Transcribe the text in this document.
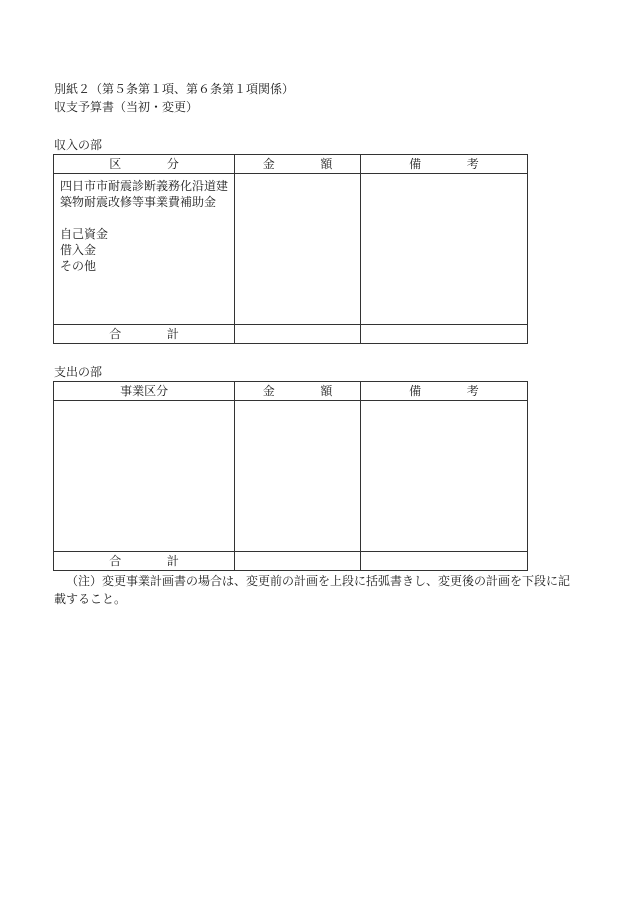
別紙２（第５条第１項、第６条第１項関係）
収支予算書（当初・変更）
収入の部
区　分	金　額	備　考

四日市市耐震診断義務化沿道建
築物耐震改修等事業費補助金
自己資金
借入金
その他		

合　計		
支出の部
事業区分	金　額	備　考

合　計		
（注）変更事業計画書の場合は、変更前の計画を上段に括弧書きし、変更後の計画を下段に記載すること。
